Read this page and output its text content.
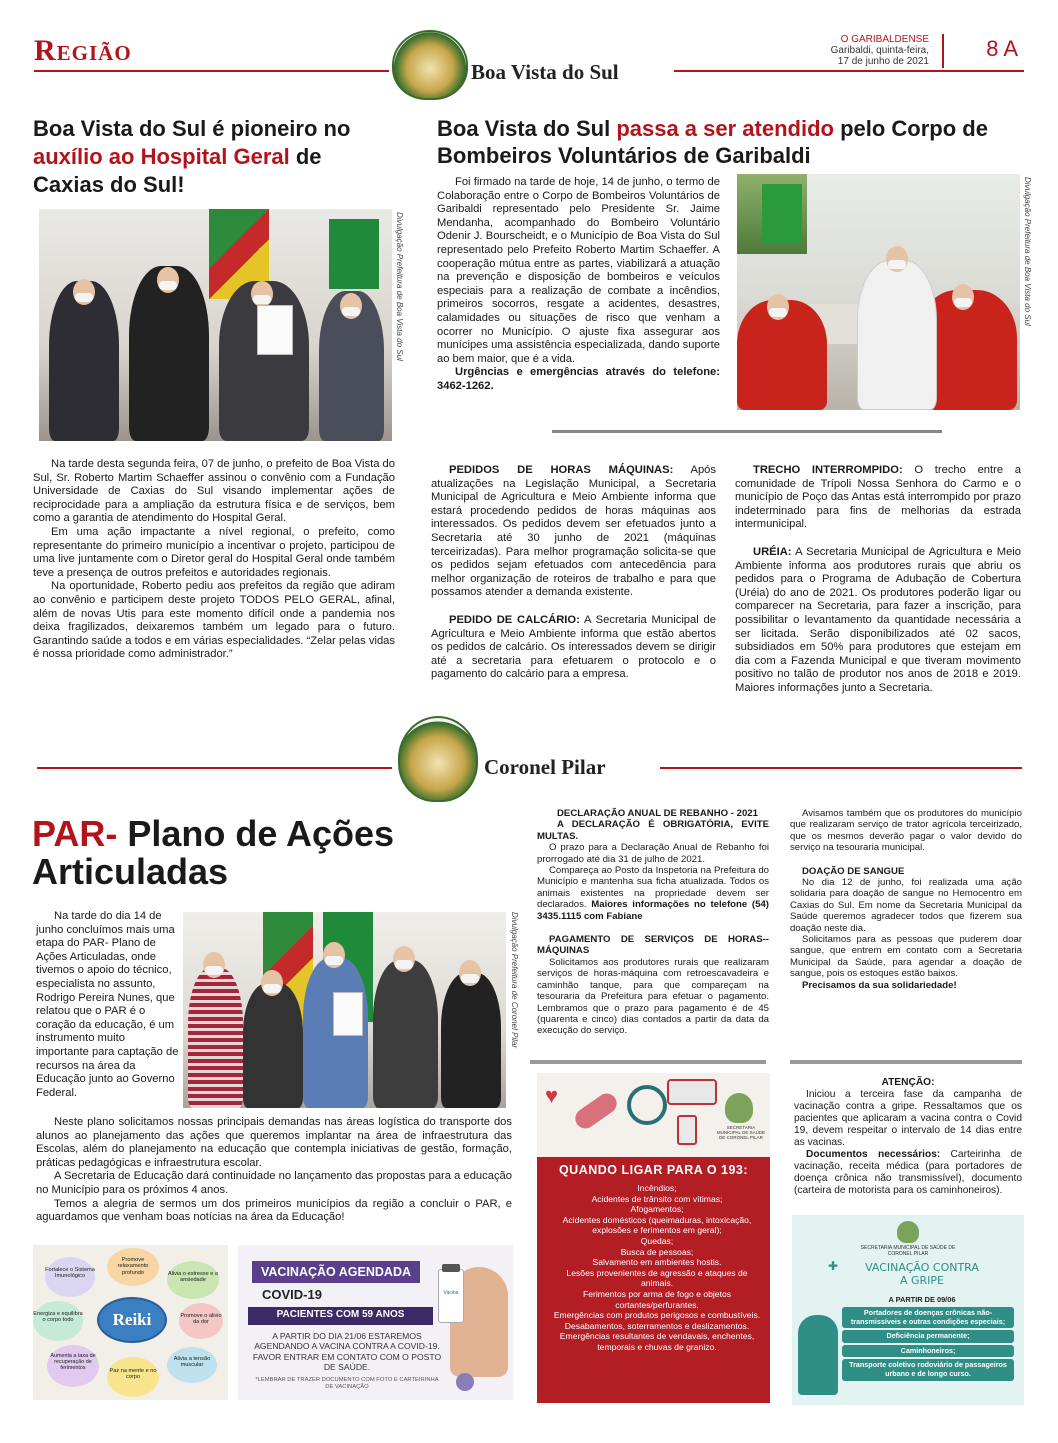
Região	O GARIBALDENSE
Garibaldi, quinta-feira,
17 de junho de 2021
8 A
Boa Vista do Sul
Boa Vista do Sul é pioneiro no
auxílio ao Hospital Geral de
Caxias do Sul!
Divulgação Prefeitura de Boa Vista do Sul

Na tarde desta segunda feira, 07 de junho, o prefeito de Boa Vista do Sul, Sr. Roberto Martim Schaeffer assinou o convênio com a Fundação Universidade de Caxias do Sul visando implementar ações de reciprocidade para a ampliação da estrutura física e de serviços, bem como a garantia de atendimento do Hospital Geral.

Em uma ação impactante a nível regional, o prefeito, como representante do primeiro município a incentivar o projeto, participou de uma live juntamente com o Diretor geral do Hospital Geral onde também teve a presença de outros prefeitos e autoridades regionais.

Na oportunidade, Roberto pediu aos prefeitos da região que adiram ao convênio e participem deste projeto TODOS PELO GERAL, afinal, além de novas Utis para este momento difícil onde a pandemia nos deixa fragilizados, deixaremos também um legado para o futuro. Garantindo saúde a todos e em várias especialidades. “Zelar pelas vidas é nossa prioridade como administrador.”

Boa Vista do Sul passa a ser atendido pelo Corpo de Bombeiros Voluntários de Garibaldi

Foi firmado na tarde de hoje, 14 de junho, o termo de Colaboração entre o Corpo de Bombeiros Voluntários de Garibaldi representado pelo Presidente Sr. Jaime Mendanha, acompanhado do Bombeiro Voluntário Odenir J. Bourscheidt, e o Município de Boa Vista do Sul representado pelo Prefeito Roberto Martim Schaeffer. A cooperação mútua entre as partes, viabilizará a atuação na prevenção e disposição de bombeiros e veículos especiais para a realização de combate a incêndios, primeiros socorros, resgate a acidentes, desastres, calamidades ou situações de risco que venham a ocorrer no Município. O ajuste fixa assegurar aos munícipes uma assistência especializada, dando suporte ao bem maior, que é a vida.

Urgências e emergências através do telefone: 3462-1262.

Divulgação Prefeitura de Boa Vista do Sul

PEDIDOS DE HORAS MÁQUINAS: Após atualizações na Legislação Municipal, a Secretaria Municipal de Agricultura e Meio Ambiente informa que estará procedendo pedidos de horas máquinas aos interessados. Os pedidos devem ser efetuados junto a Secretaria até 30 junho de 2021 (máquinas terceirizadas). Para melhor programação solicita-se que os pedidos sejam efetuados com antecedência para melhor organização de roteiros de trabalho e para que possamos atender a demanda existente.

PEDIDO DE CALCÁRIO: A Secretaria Municipal de Agricultura e Meio Ambiente informa que estão abertos os pedidos de calcário. Os interessados devem se dirigir até a secretaria para efetuarem o protocolo e o pagamento do calcário para a empresa.

TRECHO INTERROMPIDO: O trecho entre a comunidade de Trípoli Nossa Senhora do Carmo e o município de Poço das Antas está interrompido por prazo indeterminado para fins de melhorias da estrada intermunicipal.

URÉIA: A Secretaria Municipal de Agricultura e Meio Ambiente informa aos produtores rurais que abriu os pedidos para o Programa de Adubação de Cobertura (Uréia) do ano de 2021. Os produtores poderão ligar ou comparecer na Secretaria, para fazer a inscrição, para possibilitar o levantamento da quantidade necessária a ser licitada. Serão disponibilizados até 02 sacos, subsidiados em 50% para produtores que estejam em dia com a Fazenda Municipal e que tiveram movimento positivo no talão de produtor nos anos de 2018 e 2019. Maiores informações junto a Secretaria.

Coronel Pilar
PAR- Plano de Ações
Articuladas

Na tarde do dia 14 de junho concluímos mais uma etapa do PAR- Plano de Ações Articuladas, onde tivemos o apoio do técnico, especialista no assunto, Rodrigo Pereira Nunes, que relatou que o PAR é o coração da educação, é um instrumento muito importante para captação de recursos na área da Educação junto ao Governo Federal.

Divulgação Prefeitura de Coronel Pilar

Neste plano solicitamos nossas principais demandas nas áreas logística do transporte dos alunos ao planejamento das ações que queremos implantar na área de infraestrutura das Escolas, além do planejamento na educação que contempla iniciativas de gestão, formação, práticas pedagógicas e infraestrutura escolar.

A Secretaria de Educação dará continuidade no lançamento das propostas para a educação no Município para os próximos 4 anos.

Temos a alegria de sermos um dos primeiros municípios da região a concluir o PAR, e aguardamos que venham boas notícias na área da Educação!

DECLARAÇÃO ANUAL DE REBANHO - 2021

A DECLARAÇÃO É OBRIGATÓRIA, EVITE MULTAS.

O prazo para a Declaração Anual de Rebanho foi prorrogado até dia 31 de julho de 2021.

Compareça ao Posto da Inspetoria na Prefeitura do Município e mantenha sua ficha atualizada. Todos os animais existentes na propriedade devem ser declarados. Maiores informações no telefone (54) 3435.1115 com Fabiane

PAGAMENTO DE SERVIÇOS DE HORAS--MÁQUINAS

Solicitamos aos produtores rurais que realizaram serviços de horas-máquina com retroescavadeira e caminhão tanque, para que compareçam na tesouraria da Prefeitura para efetuar o pagamento. Lembramos que o prazo para pagamento é de 45 (quarenta e cinco) dias contados a partir da data da execução do serviço.

Avisamos também que os produtores do município que realizaram serviço de trator agrícola terceirizado, que os mesmos deverão pagar o valor devido do serviço na tesouraria municipal.

DOAÇÃO DE SANGUE

No dia 12 de junho, foi realizada uma ação solidaria para doação de sangue no Hemocentro em Caxias do Sul. Em nome da Secretaria Municipal da Saúde queremos agradecer todos que fizerem sua doação neste dia.

Solicitamos para as pessoas que puderem doar sangue, que entrem em contato com a Secretaria Municipal da Saúde, para agendar a doação de sangue, pois os estoques estão baixos.

Precisamos da sua solidariedade!

ATENÇÃO:

Iniciou a terceira fase da campanha de vacinação contra a gripe. Ressaltamos que os pacientes que aplicaram a vacina contra o Covid 19, devem respeitar o intervalo de 14 dias entre as vacinas.

Documentos necessários: Carteirinha de vacinação, receita médica (para portadores de doença crônica não transmissível), documento (carteira de motorista para os caminhoneiros).

♥
SECRETARIA MUNICIPAL DE SAÚDE DE CORONEL PILAR
QUANDO LIGAR PARA O 193:
Incêndios;
Acidentes de trânsito com vítimas;
Afogamentos;
Acidentes domésticos (queimaduras, intoxicação, explosões e ferimentos em geral);
Quedas;
Busca de pessoas;
Salvamento em ambientes hostis.
Lesões provenientes de agressão e ataques de animais.
Ferimentos por arma de fogo e objetos cortantes/perfurantes.
Emergências com produtos perigosos e combustíveis.
Desabamentos, soterramentos e deslizamentos.
Emergências resultantes de vendavais, enchentes, temporais e chuvas de granizo.
Reiki
Promove relaxamento profundo	Alivia o estresse e a ansiedade
Promove o alivio da dor
Alivia a tensão muscular
Paz na mente e no corpo
Aumenta a taxa de recuperação de ferimentos
Energiza e equilibra o corpo todo
Fortalece o Sistema Imunológico	VACINAÇÃO AGENDADA
COVID-19
PACIENTES COM 59 ANOS
A PARTIR DO DIA 21/06 ESTAREMOS AGENDANDO A VACINA CONTRA A COVID-19. FAVOR ENTRAR EM CONTATO COM O POSTO DE SAÚDE.
*LEMBRAR DE TRAZER DOCUMENTO COM FOTO E CARTEIRINHA DE VACINAÇÃO
Vacina
SECRETARIA MUNICIPAL DE SAÚDE DE CORONEL PILAR
VACINAÇÃO CONTRA
A GRIPE
✚
A PARTIR DE 09/06
Portadores de doenças crônicas não-transmissíveis e outras condições especiais;
Deficiência permanente;
Caminhoneiros;
Transporte coletivo rodoviário de passageiros urbano e de longo curso.
